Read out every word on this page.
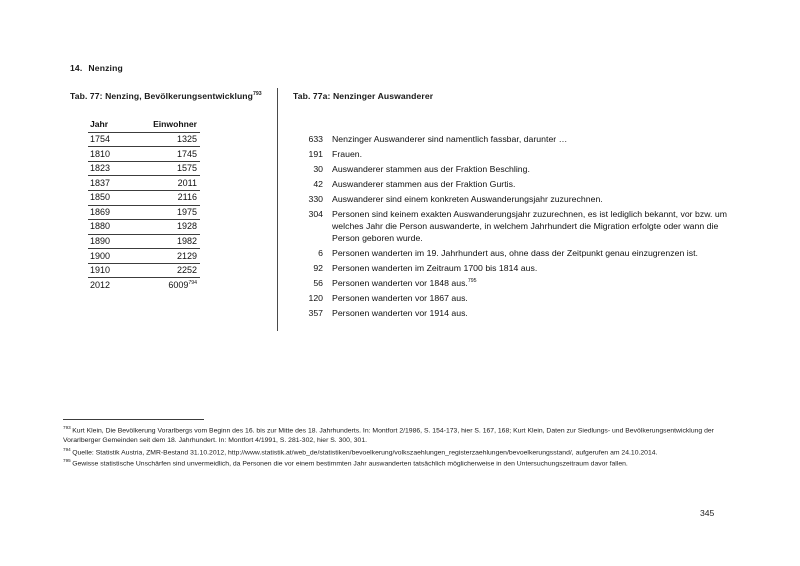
14. Nenzing
Tab. 77: Nenzing, Bevölkerungsentwicklung$^{793}$	Tab. 77a: Nenzinger Auswanderer
Jahr	Einwohner
1754	1325
1810	1745
1823	1575
1837	2011
1850	2116
1869	1975
1880	1928
1890	1982
1900	2129
1910	2252
2012	6009$^{794}$
633	Nenzinger Auswanderer sind namentlich fassbar, darunter …
191	Frauen.
30	Auswanderer stammen aus der Fraktion Beschling.
42	Auswanderer stammen aus der Fraktion Gurtis.
330	Auswanderer sind einem konkreten Auswanderungsjahr zuzurechnen.
304	Personen sind keinem exakten Auswanderungsjahr zuzurechnen, es ist lediglich bekannt, vor bzw. um welches Jahr die Person auswanderte, in welchem Jahrhundert die Migration erfolgte oder wann die Person geboren wurde.
6	Personen wanderten im 19. Jahrhundert aus, ohne dass der Zeitpunkt genau einzugrenzen ist.
92	Personen wanderten im Zeitraum 1700 bis 1814 aus.
56	Personen wanderten vor 1848 aus.$^{795}$
120	Personen wanderten vor 1867 aus.
357	Personen wanderten vor 1914 aus.
$^{793}$ Kurt Klein, Die Bevölkerung Vorarlbergs vom Beginn des 16. bis zur Mitte des 18. Jahrhunderts. In: Montfort 2/1986, S. 154-173, hier S. 167, 168; Kurt Klein, Daten zur Siedlungs- und Bevölkerungsentwicklung der Vorarlberger Gemeinden seit dem 18. Jahrhundert. In: Montfort 4/1991, S. 281-302, hier S. 300, 301.
$^{794}$ Quelle: Statistik Austria, ZMR-Bestand 31.10.2012, http://www.statistik.at/web_de/statistiken/bevoelkerung/volkszaehlungen_registerzaehlungen/bevoelkerungsstand/, aufgerufen am 24.10.2014.
$^{795}$ Gewisse statistische Unschärfen sind unvermeidlich, da Personen die vor einem bestimmten Jahr auswanderten tatsächlich möglicherweise in den Untersuchungszeitraum davor fallen.
345
